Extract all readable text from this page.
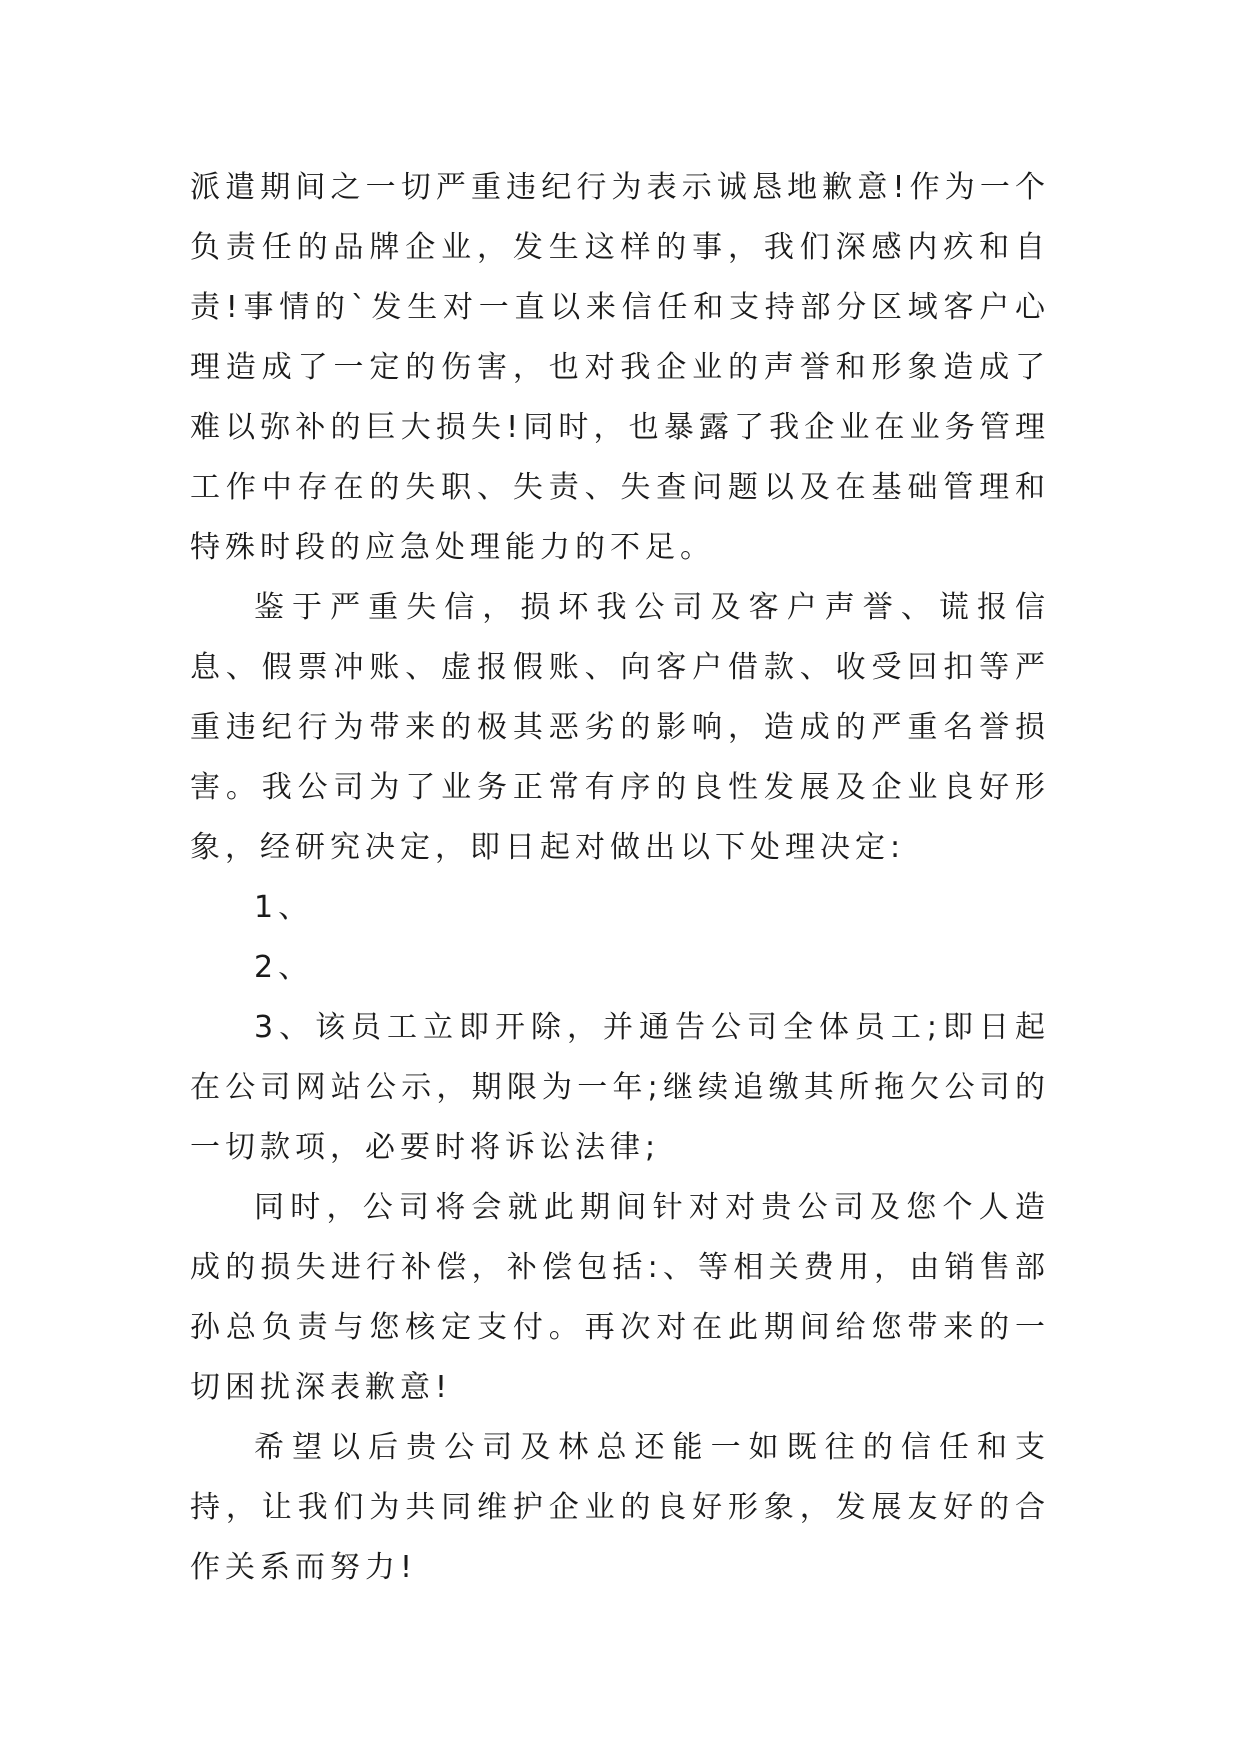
派遣期间之一切严重违纪行为表示诚恳地歉意!作为一个负责任的品牌企业，发生这样的事，我们深感内疚和自责!事情的`发生对一直以来信任和支持部分区域客户心理造成了一定的伤害，也对我企业的声誉和形象造成了难以弥补的巨大损失!同时，也暴露了我企业在业务管理工作中存在的失职、失责、失查问题以及在基础管理和特殊时段的应急处理能力的不足。

鉴于严重失信，损坏我公司及客户声誉、谎报信息、假票冲账、虚报假账、向客户借款、收受回扣等严重违纪行为带来的极其恶劣的影响，造成的严重名誉损害。我公司为了业务正常有序的良性发展及企业良好形象，经研究决定，即日起对做出以下处理决定:

1、

2、

3、该员工立即开除，并通告公司全体员工;即日起在公司网站公示，期限为一年;继续追缴其所拖欠公司的一切款项，必要时将诉讼法律;

同时，公司将会就此期间针对对贵公司及您个人造成的损失进行补偿，补偿包括:、等相关费用，由销售部孙总负责与您核定支付。再次对在此期间给您带来的一切困扰深表歉意!

希望以后贵公司及林总还能一如既往的信任和支持，让我们为共同维护企业的良好形象，发展友好的合作关系而努力!
